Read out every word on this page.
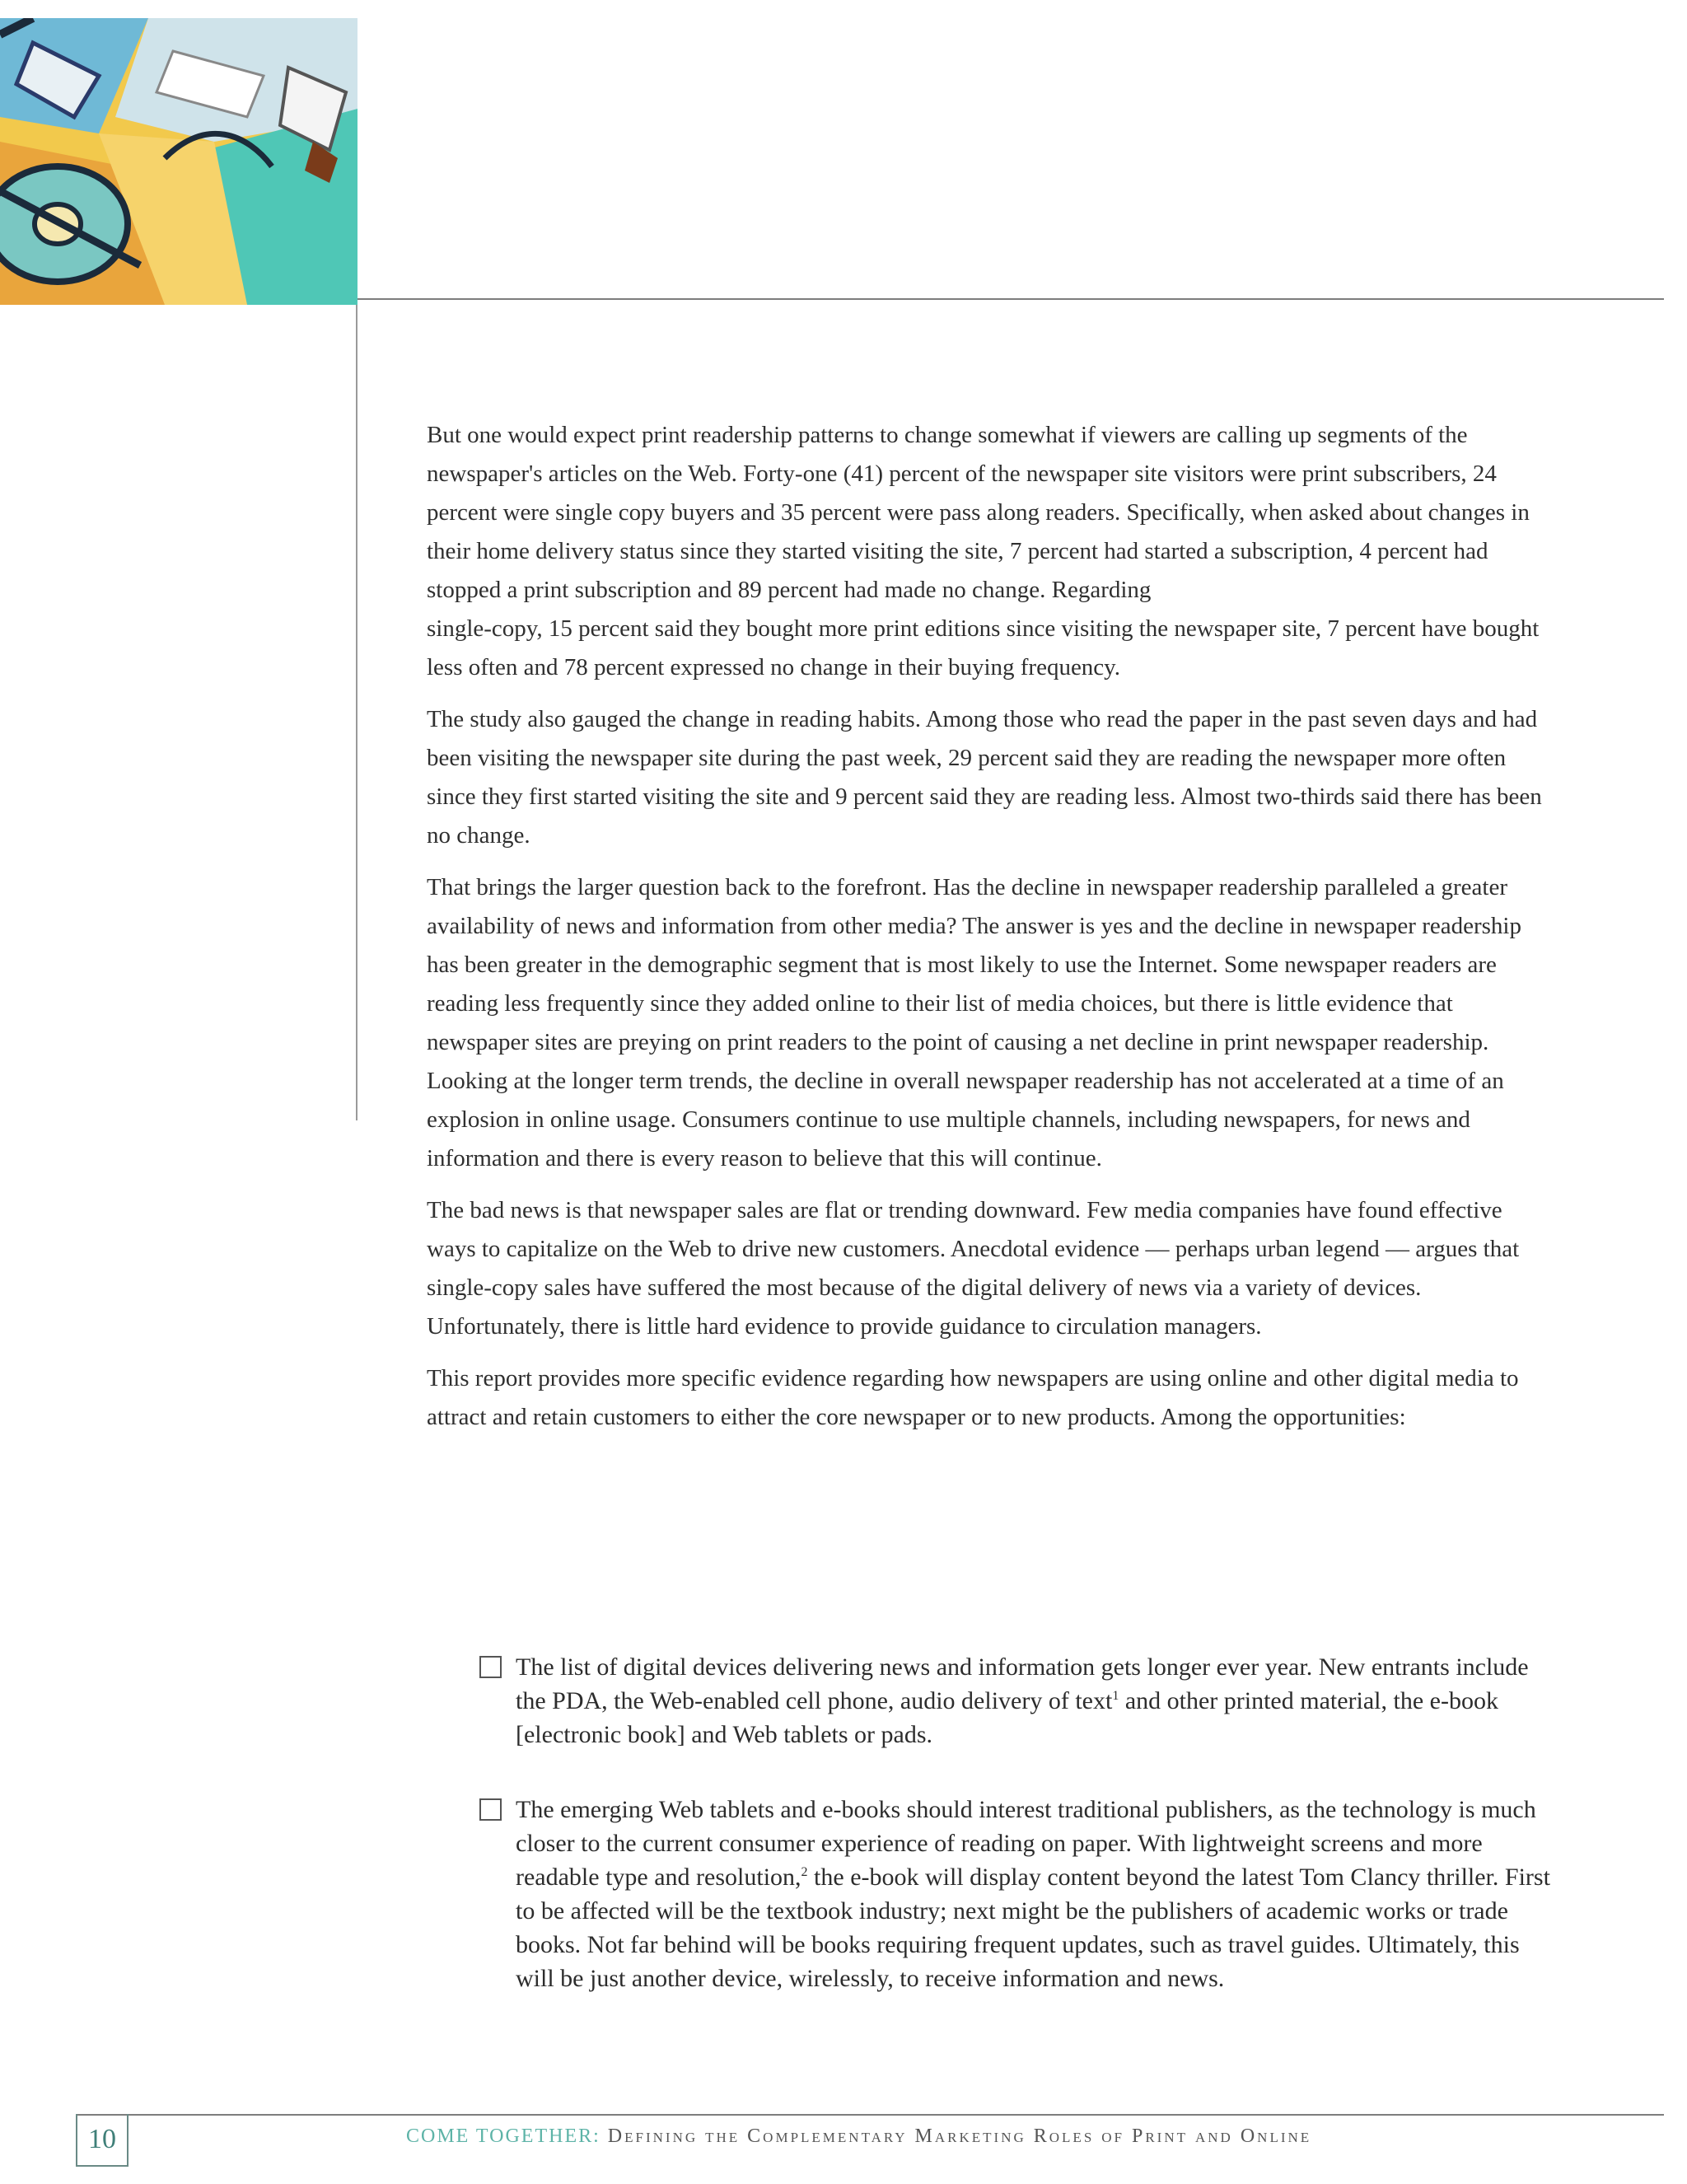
But one would expect print readership patterns to change somewhat if viewers are calling up segments of the newspaper's articles on the Web. Forty-one (41) percent of the newspaper site visitors were print subscribers, 24 percent were single copy buyers and 35 percent were pass along readers. Specifically, when asked about changes in their home delivery status since they started visiting the site, 7 percent had started a subscription, 4 percent had stopped a print subscription and 89 percent had made no change. Regarding

single-copy, 15 percent said they bought more print editions since visiting the newspaper site, 7 percent have bought less often and 78 percent expressed no change in their buying frequency.

The study also gauged the change in reading habits. Among those who read the paper in the past seven days and had been visiting the newspaper site during the past week, 29 percent said they are reading the newspaper more often since they first started visiting the site and 9 percent said they are reading less. Almost two-thirds said there has been no change.

That brings the larger question back to the forefront. Has the decline in newspaper readership paralleled a greater availability of news and information from other media? The answer is yes and the decline in newspaper readership has been greater in the demographic segment that is most likely to use the Internet. Some newspaper readers are reading less frequently since they added online to their list of media choices, but there is little evidence that newspaper sites are preying on print readers to the point of causing a net decline in print newspaper readership. Looking at the longer term trends, the decline in overall newspaper readership has not accelerated at a time of an explosion in online usage. Consumers continue to use multiple channels, including newspapers, for news and information and there is every reason to believe that this will continue.

The bad news is that newspaper sales are flat or trending downward. Few media companies have found effective ways to capitalize on the Web to drive new customers. Anecdotal evidence — perhaps urban legend — argues that single-copy sales have suffered the most because of the digital delivery of news via a variety of devices. Unfortunately, there is little hard evidence to provide guidance to circulation managers.

This report provides more specific evidence regarding how newspapers are using online and other digital media to attract and retain customers to either the core newspaper or to new products. Among the opportunities:

The list of digital devices delivering news and information gets longer ever year. New entrants include the PDA, the Web-enabled cell phone, audio delivery of text$^1$ and other printed material, the e-book [electronic book] and Web tablets or pads.
The emerging Web tablets and e-books should interest traditional publishers, as the technology is much closer to the current consumer experience of reading on paper. With lightweight screens and more readable type and resolution,$^2$ the e-book will display content beyond the latest Tom Clancy thriller. First to be affected will be the textbook industry; next might be the publishers of academic works or trade books. Not far behind will be books requiring frequent updates, such as travel guides. Ultimately, this will be just another device, wirelessly, to receive information and news.
10	COME TOGETHER: Defining the Complementary Marketing Roles of Print and Online
